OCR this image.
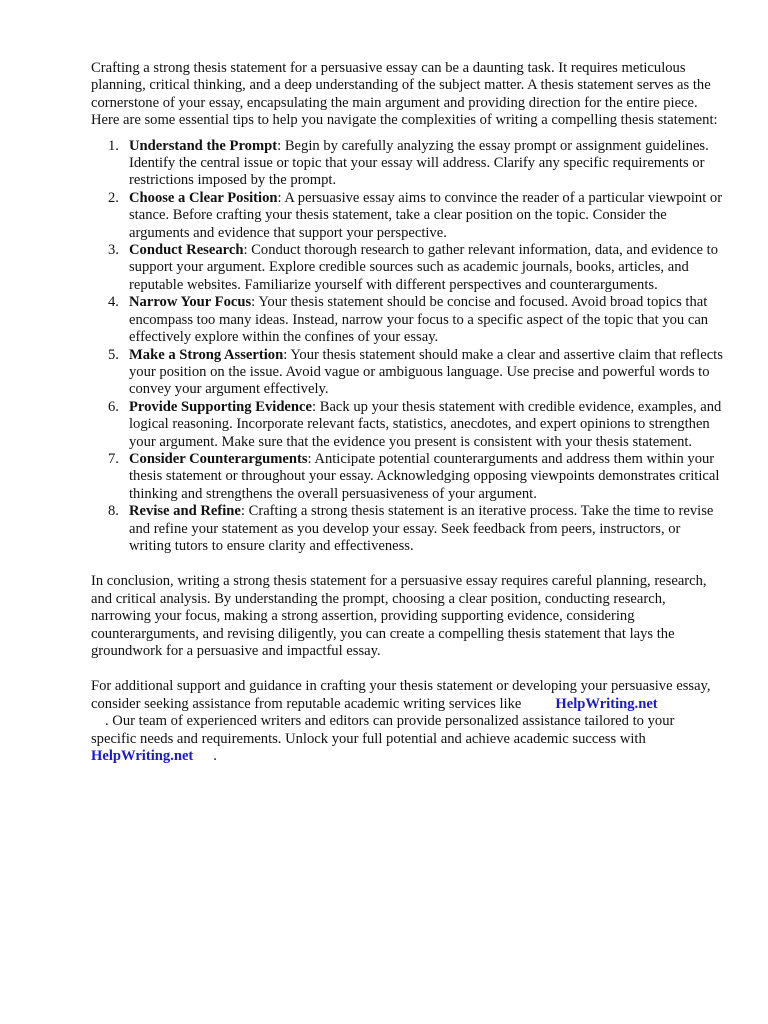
Crafting a strong thesis statement for a persuasive essay can be a daunting task. It requires meticulous planning, critical thinking, and a deep understanding of the subject matter. A thesis statement serves as the cornerstone of your essay, encapsulating the main argument and providing direction for the entire piece. Here are some essential tips to help you navigate the complexities of writing a compelling thesis statement:

1. Understand the Prompt: Begin by carefully analyzing the essay prompt or assignment guidelines. Identify the central issue or topic that your essay will address. Clarify any specific requirements or restrictions imposed by the prompt.
2. Choose a Clear Position: A persuasive essay aims to convince the reader of a particular viewpoint or stance. Before crafting your thesis statement, take a clear position on the topic. Consider the arguments and evidence that support your perspective.
3. Conduct Research: Conduct thorough research to gather relevant information, data, and evidence to support your argument. Explore credible sources such as academic journals, books, articles, and reputable websites. Familiarize yourself with different perspectives and counterarguments.
4. Narrow Your Focus: Your thesis statement should be concise and focused. Avoid broad topics that encompass too many ideas. Instead, narrow your focus to a specific aspect of the topic that you can effectively explore within the confines of your essay.
5. Make a Strong Assertion: Your thesis statement should make a clear and assertive claim that reflects your position on the issue. Avoid vague or ambiguous language. Use precise and powerful words to convey your argument effectively.
6. Provide Supporting Evidence: Back up your thesis statement with credible evidence, examples, and logical reasoning. Incorporate relevant facts, statistics, anecdotes, and expert opinions to strengthen your argument. Make sure that the evidence you present is consistent with your thesis statement.
7. Consider Counterarguments: Anticipate potential counterarguments and address them within your thesis statement or throughout your essay. Acknowledging opposing viewpoints demonstrates critical thinking and strengthens the overall persuasiveness of your argument.
8. Revise and Refine: Crafting a strong thesis statement is an iterative process. Take the time to revise and refine your statement as you develop your essay. Seek feedback from peers, instructors, or writing tutors to ensure clarity and effectiveness.

In conclusion, writing a strong thesis statement for a persuasive essay requires careful planning, research, and critical analysis. By understanding the prompt, choosing a clear position, conducting research, narrowing your focus, making a strong assertion, providing supporting evidence, considering counterarguments, and revising diligently, you can create a compelling thesis statement that lays the groundwork for a persuasive and impactful essay.

For additional support and guidance in crafting your thesis statement or developing your persuasive essay, consider seeking assistance from reputable academic writing services like HelpWriting.net
. Our team of experienced writers and editors can provide personalized assistance tailored to your specific needs and requirements. Unlock your full potential and achieve academic success with
HelpWriting.net .
